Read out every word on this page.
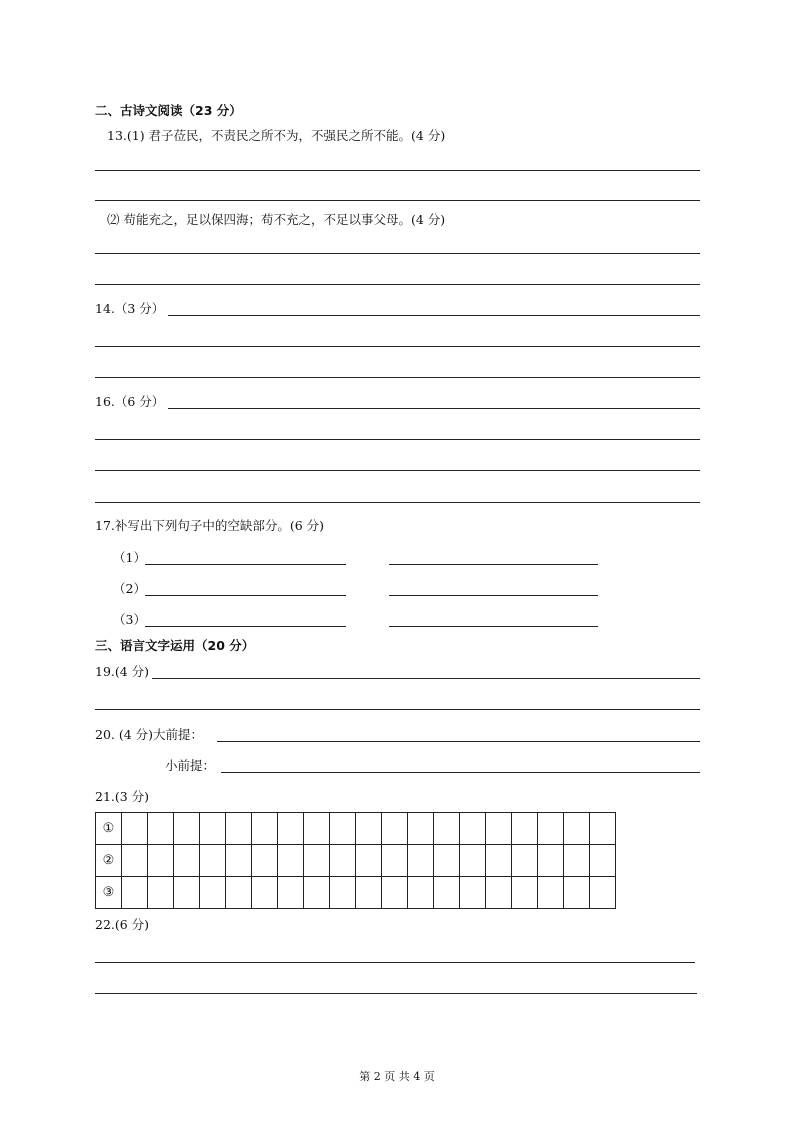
二、古诗文阅读（23 分）
13.(1) 君子莅民，不责民之所不为，不强民之所不能。(4 分)
⑵ 苟能充之，足以保四海；苟不充之，不足以事父母。(4 分)
14.（3 分）
16.（6 分）
17.补写出下列句子中的空缺部分。(6 分)
（1）
（2）
（3）
三、语言文字运用（20 分）
19.(4 分)
20. (4 分)大前提：
小前提：
21.(3 分)
①																			
②																			
③																			
22.(6 分)
第 2 页 共 4 页
